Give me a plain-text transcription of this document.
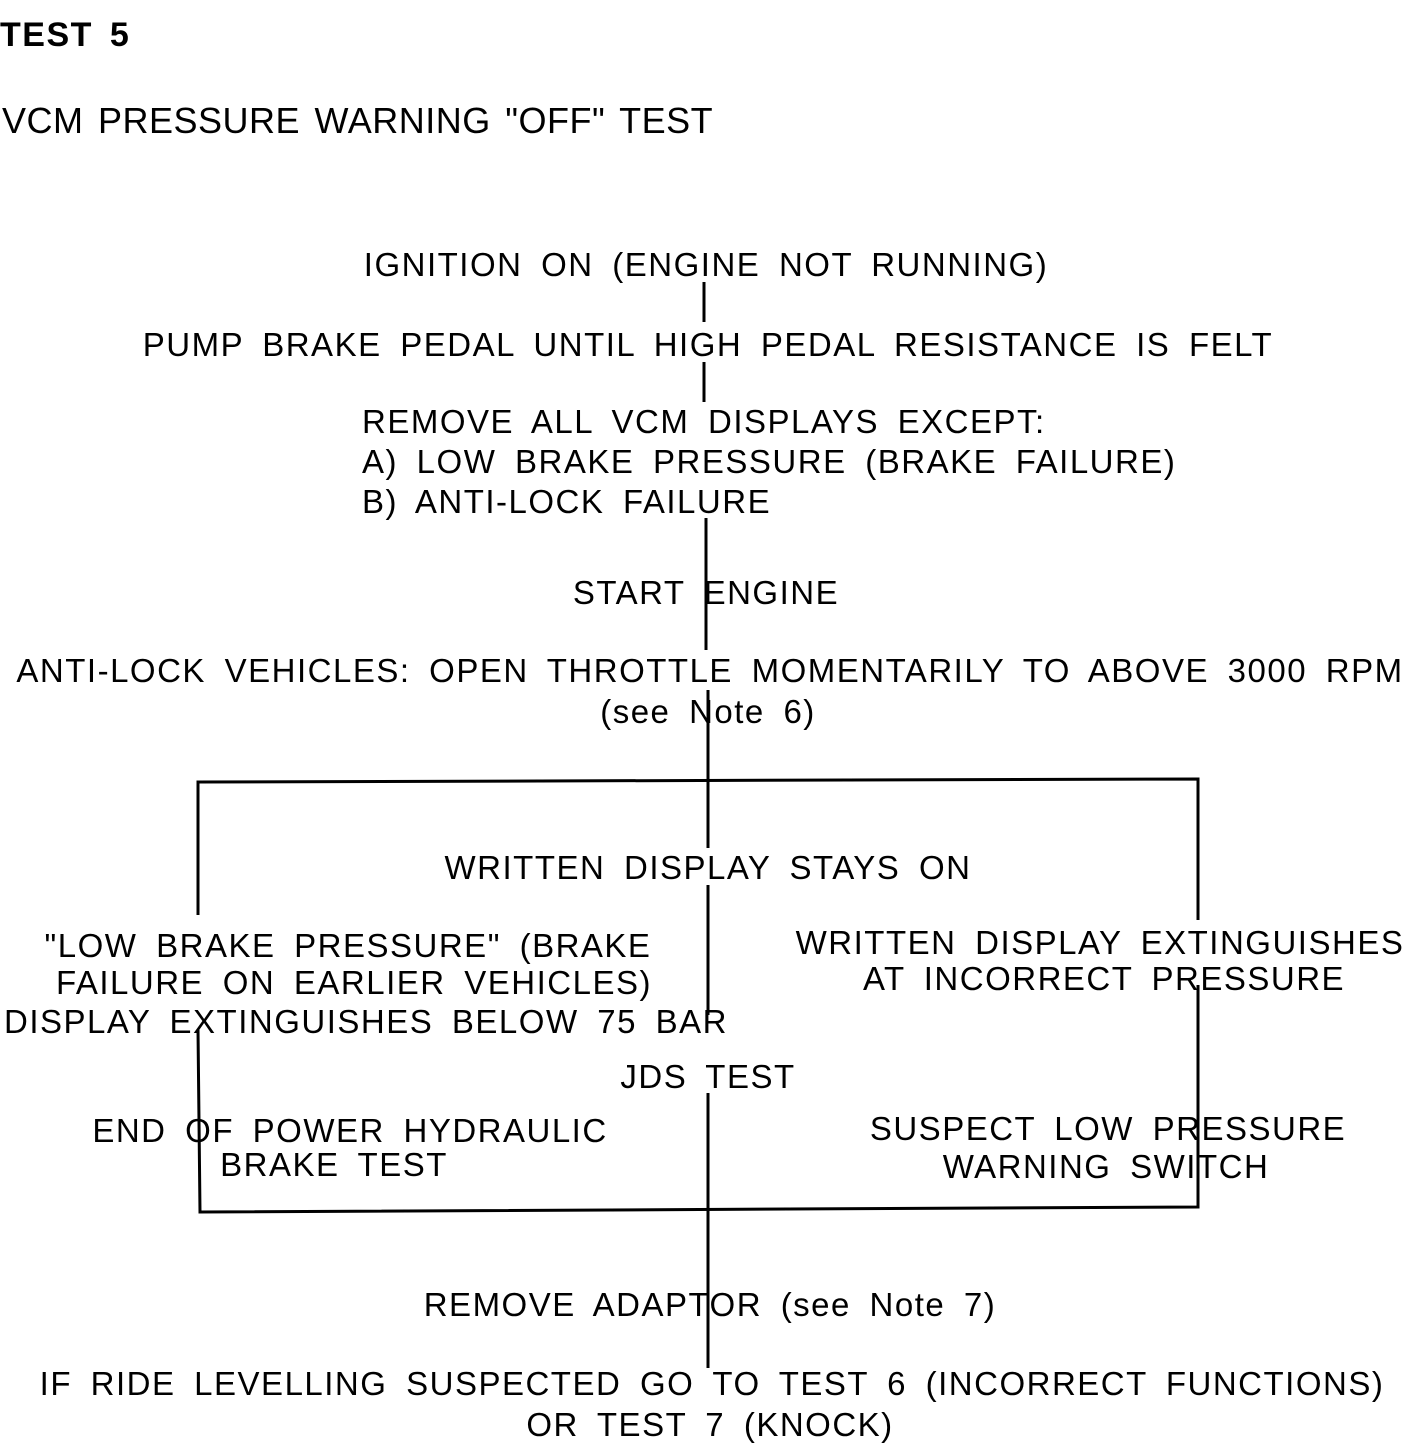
TEST 5
VCM PRESSURE WARNING "OFF" TEST
IGNITION ON (ENGINE NOT RUNNING)
PUMP BRAKE PEDAL UNTIL HIGH PEDAL RESISTANCE IS FELT
REMOVE ALL VCM DISPLAYS EXCEPT:
A) LOW BRAKE PRESSURE (BRAKE FAILURE)
B) ANTI-LOCK FAILURE
START ENGINE
ANTI-LOCK VEHICLES: OPEN THROTTLE MOMENTARILY TO ABOVE 3000 RPM
(see Note 6)
WRITTEN DISPLAY STAYS ON
"LOW BRAKE PRESSURE" (BRAKE
FAILURE ON EARLIER VEHICLES)
DISPLAY EXTINGUISHES BELOW 75 BAR
WRITTEN DISPLAY EXTINGUISHES
AT INCORRECT PRESSURE
JDS TEST
END OF POWER HYDRAULIC
BRAKE TEST
SUSPECT LOW PRESSURE
WARNING SWITCH
REMOVE ADAPTOR (see Note 7)
IF RIDE LEVELLING SUSPECTED GO TO TEST 6 (INCORRECT FUNCTIONS)
OR TEST 7 (KNOCK)
